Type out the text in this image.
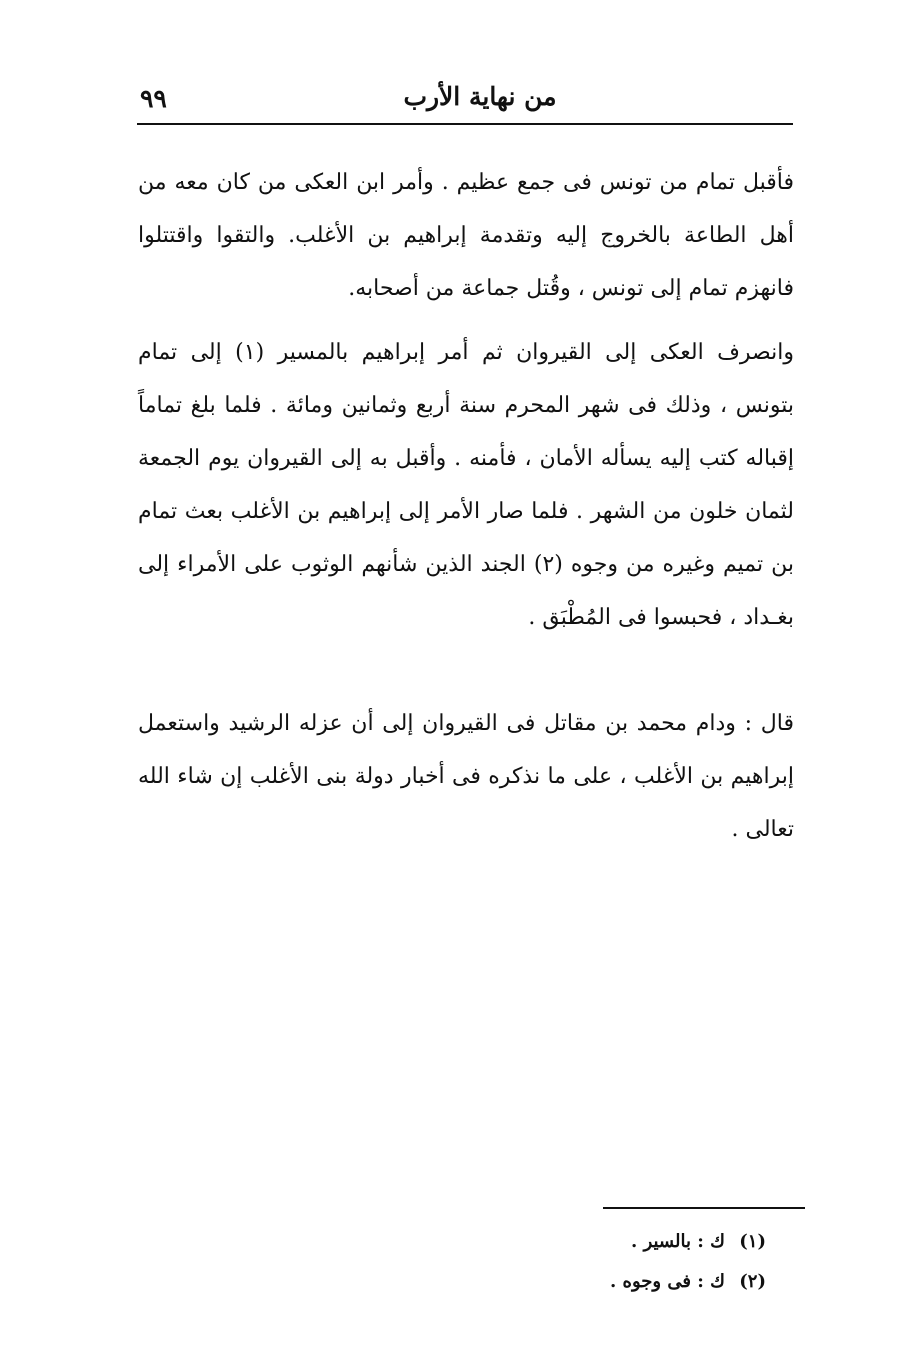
٩٩	من نهاية الأرب

فأقبل تمام من تونس فى جمع عظيم . وأمر ابن العكى من كان معه من أهل الطاعة بالخروج إليه وتقدمة إبراهيم بن الأغلب. والتقوا واقتتلوا فانهزم تمام إلى تونس ، وقُتل جماعة من أصحابه.

وانصرف العكى إلى القيروان ثم أمر إبراهيم بالمسير (١) إلى تمام بتونس ، وذلك فى شهر المحرم سنة أربع وثمانين ومائة . فلما بلغ تماماً إقباله كتب إليه يسأله الأمان ، فأمنه . وأقبل به إلى القيروان يوم الجمعة لثمان خلون من الشهر . فلما صار الأمر إلى إبراهيم بن الأغلب بعث تمام بن تميم وغيره من وجوه (٢) الجند الذين شأنهم الوثوب على الأمراء إلى بغـداد ، فحبسوا فى المُطْبَق .

قال : ودام محمد بن مقاتل فى القيروان إلى أن عزله الرشيد واستعمل إبراهيم بن الأغلب ، على ما نذكره فى أخبار دولة بنى الأغلب إن شاء الله تعالى .

(١) ك : بالسير .
(٢) ك : فى وجوه .
